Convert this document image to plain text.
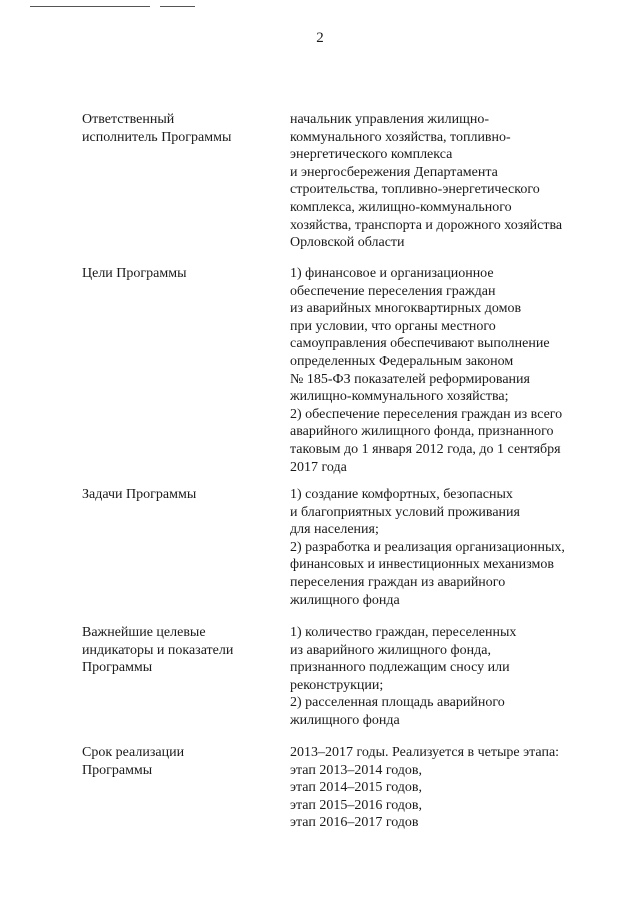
2
Ответственный
исполнитель Программы
начальник управления жилищно-
коммунального хозяйства, топливно-
энергетического комплекса
и энергосбережения Департамента
строительства, топливно-энергетического
комплекса, жилищно-коммунального
хозяйства, транспорта и дорожного хозяйства
Орловской области
Цели Программы	1) финансовое и организационное
обеспечение переселения граждан
из аварийных многоквартирных домов
при условии, что органы местного
самоуправления обеспечивают выполнение
определенных Федеральным законом
№ 185-ФЗ показателей реформирования
жилищно-коммунального хозяйства;
2) обеспечение переселения граждан из всего
аварийного жилищного фонда, признанного
таковым до 1 января 2012 года, до 1 сентября
2017 года
Задачи Программы	1) создание комфортных, безопасных
и благоприятных условий проживания
для населения;
2) разработка и реализация организационных,
финансовых и инвестиционных механизмов
переселения граждан из аварийного
жилищного фонда
Важнейшие целевые
индикаторы и показатели
Программы
1) количество граждан, переселенных
из аварийного жилищного фонда,
признанного подлежащим сносу или
реконструкции;
2) расселенная площадь аварийного
жилищного фонда
Срок реализации
Программы
2013–2017 годы. Реализуется в четыре этапа:
этап 2013–2014 годов,
этап 2014–2015 годов,
этап 2015–2016 годов,
этап 2016–2017 годов
